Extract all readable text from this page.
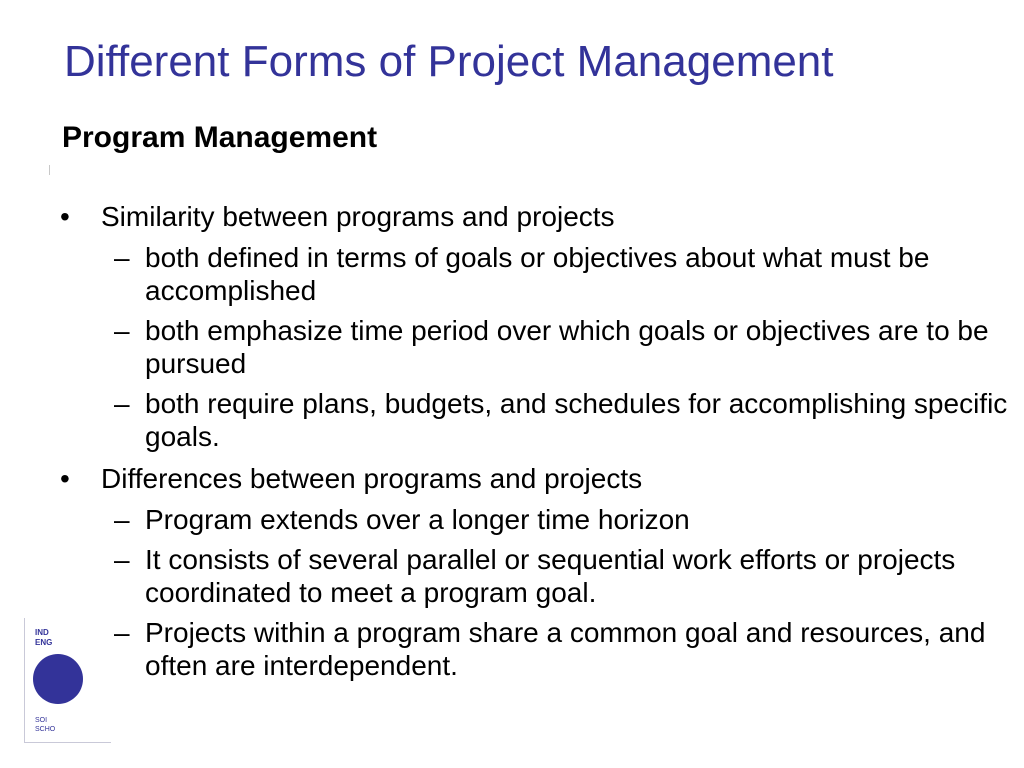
Different Forms of Project Management
Program Management
• Similarity between programs and projects
– both defined in terms of goals or objectives about what must be accomplished
– both emphasize time period over which goals or objectives are to be pursued
– both require plans, budgets, and schedules for accomplishing specific goals.
• Differences between programs and projects
– Program extends over a longer time horizon
– It consists of several parallel or sequential work efforts or projects coordinated to meet a program goal.
– Projects within a program share a common goal and resources, and often are interdependent.
IND
ENG
SOI
SCHO
